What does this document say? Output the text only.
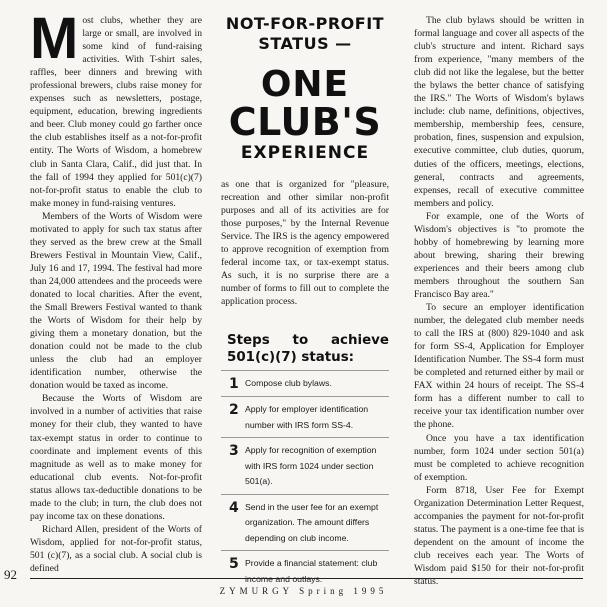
Most clubs, whether they are large or small, are involved in some kind of fund-raising activities. With T-shirt sales, raffles, beer dinners and brewing with professional brewers, clubs raise money for expenses such as newsletters, postage, equipment, education, brewing ingredients and beer. Club money could go farther once the club establishes itself as a not-for-profit entity. The Worts of Wisdom, a homebrew club in Santa Clara, Calif., did just that. In the fall of 1994 they applied for 501(c)(7) not-for-profit status to enable the club to make money in fund-raising ventures.

Members of the Worts of Wisdom were motivated to apply for such tax status after they served as the brew crew at the Small Brewers Festival in Mountain View, Calif., July 16 and 17, 1994. The festival had more than 24,000 attendees and the proceeds were donated to local charities. After the event, the Small Brewers Festival wanted to thank the Worts of Wisdom for their help by giving them a monetary donation, but the donation could not be made to the club unless the club had an employer identification number, otherwise the donation would be taxed as income.

Because the Worts of Wisdom are involved in a number of activities that raise money for their club, they wanted to have tax-exempt status in order to continue to coordinate and implement events of this magnitude as well as to make money for educational club events. Not-for-profit status allows tax-deductible donations to be made to the club; in turn, the club does not pay income tax on these donations.

Richard Allen, president of the Worts of Wisdom, applied for not-for-profit status, 501 (c)(7), as a social club. A social club is defined

NOT-FOR-PROFIT STATUS —
ONE
CLUB'S
EXPERIENCE

as one that is organized for "pleasure, recreation and other similar non-profit purposes and all of its activities are for those purposes," by the Internal Revenue Service. The IRS is the agency empowered to approve recognition of exemption from federal income tax, or tax-exempt status. As such, it is no surprise there are a number of forms to fill out to complete the application process.

Steps to achieve 501(c)(7) status:
1 Compose club bylaws.
2 Apply for employer identification number with IRS form SS-4.
3 Apply for recognition of exemption with IRS form 1024 under section 501(a).
4 Send in the user fee for an exempt organization. The amount differs depending on club income.
5 Provide a financial statement: club income and outlays.

The club bylaws should be written in formal language and cover all aspects of the club's structure and intent. Richard says from experience, "many members of the club did not like the legalese, but the better the bylaws the better chance of satisfying the IRS." The Worts of Wisdom's bylaws include: club name, definitions, objectives, membership, membership fees, censure, probation, fines, suspension and expulsion, executive committee, club duties, quorum, duties of the officers, meetings, elections, general, contracts and agreements, expenses, recall of executive committee members and policy.

For example, one of the Worts of Wisdom's objectives is "to promote the hobby of homebrewing by learning more about brewing, sharing their brewing experiences and their beers among club members throughout the southern San Francisco Bay area."

To secure an employer identification number, the delegated club member needs to call the IRS at (800) 829-1040 and ask for form SS-4, Application for Employer Identification Number. The SS-4 form must be completed and returned either by mail or FAX within 24 hours of receipt. The SS-4 form has a different number to call to receive your tax identification number over the phone.

Once you have a tax identification number, form 1024 under section 501(a) must be completed to achieve recognition of exemption.

Form 8718, User Fee for Exempt Organization Determination Letter Request, accompanies the payment for not-for-profit status. The payment is a one-time fee that is dependent on the amount of income the club receives each year. The Worts of Wisdom paid $150 for their not-for-profit status.

92
ZYMURGY Spring 1995
